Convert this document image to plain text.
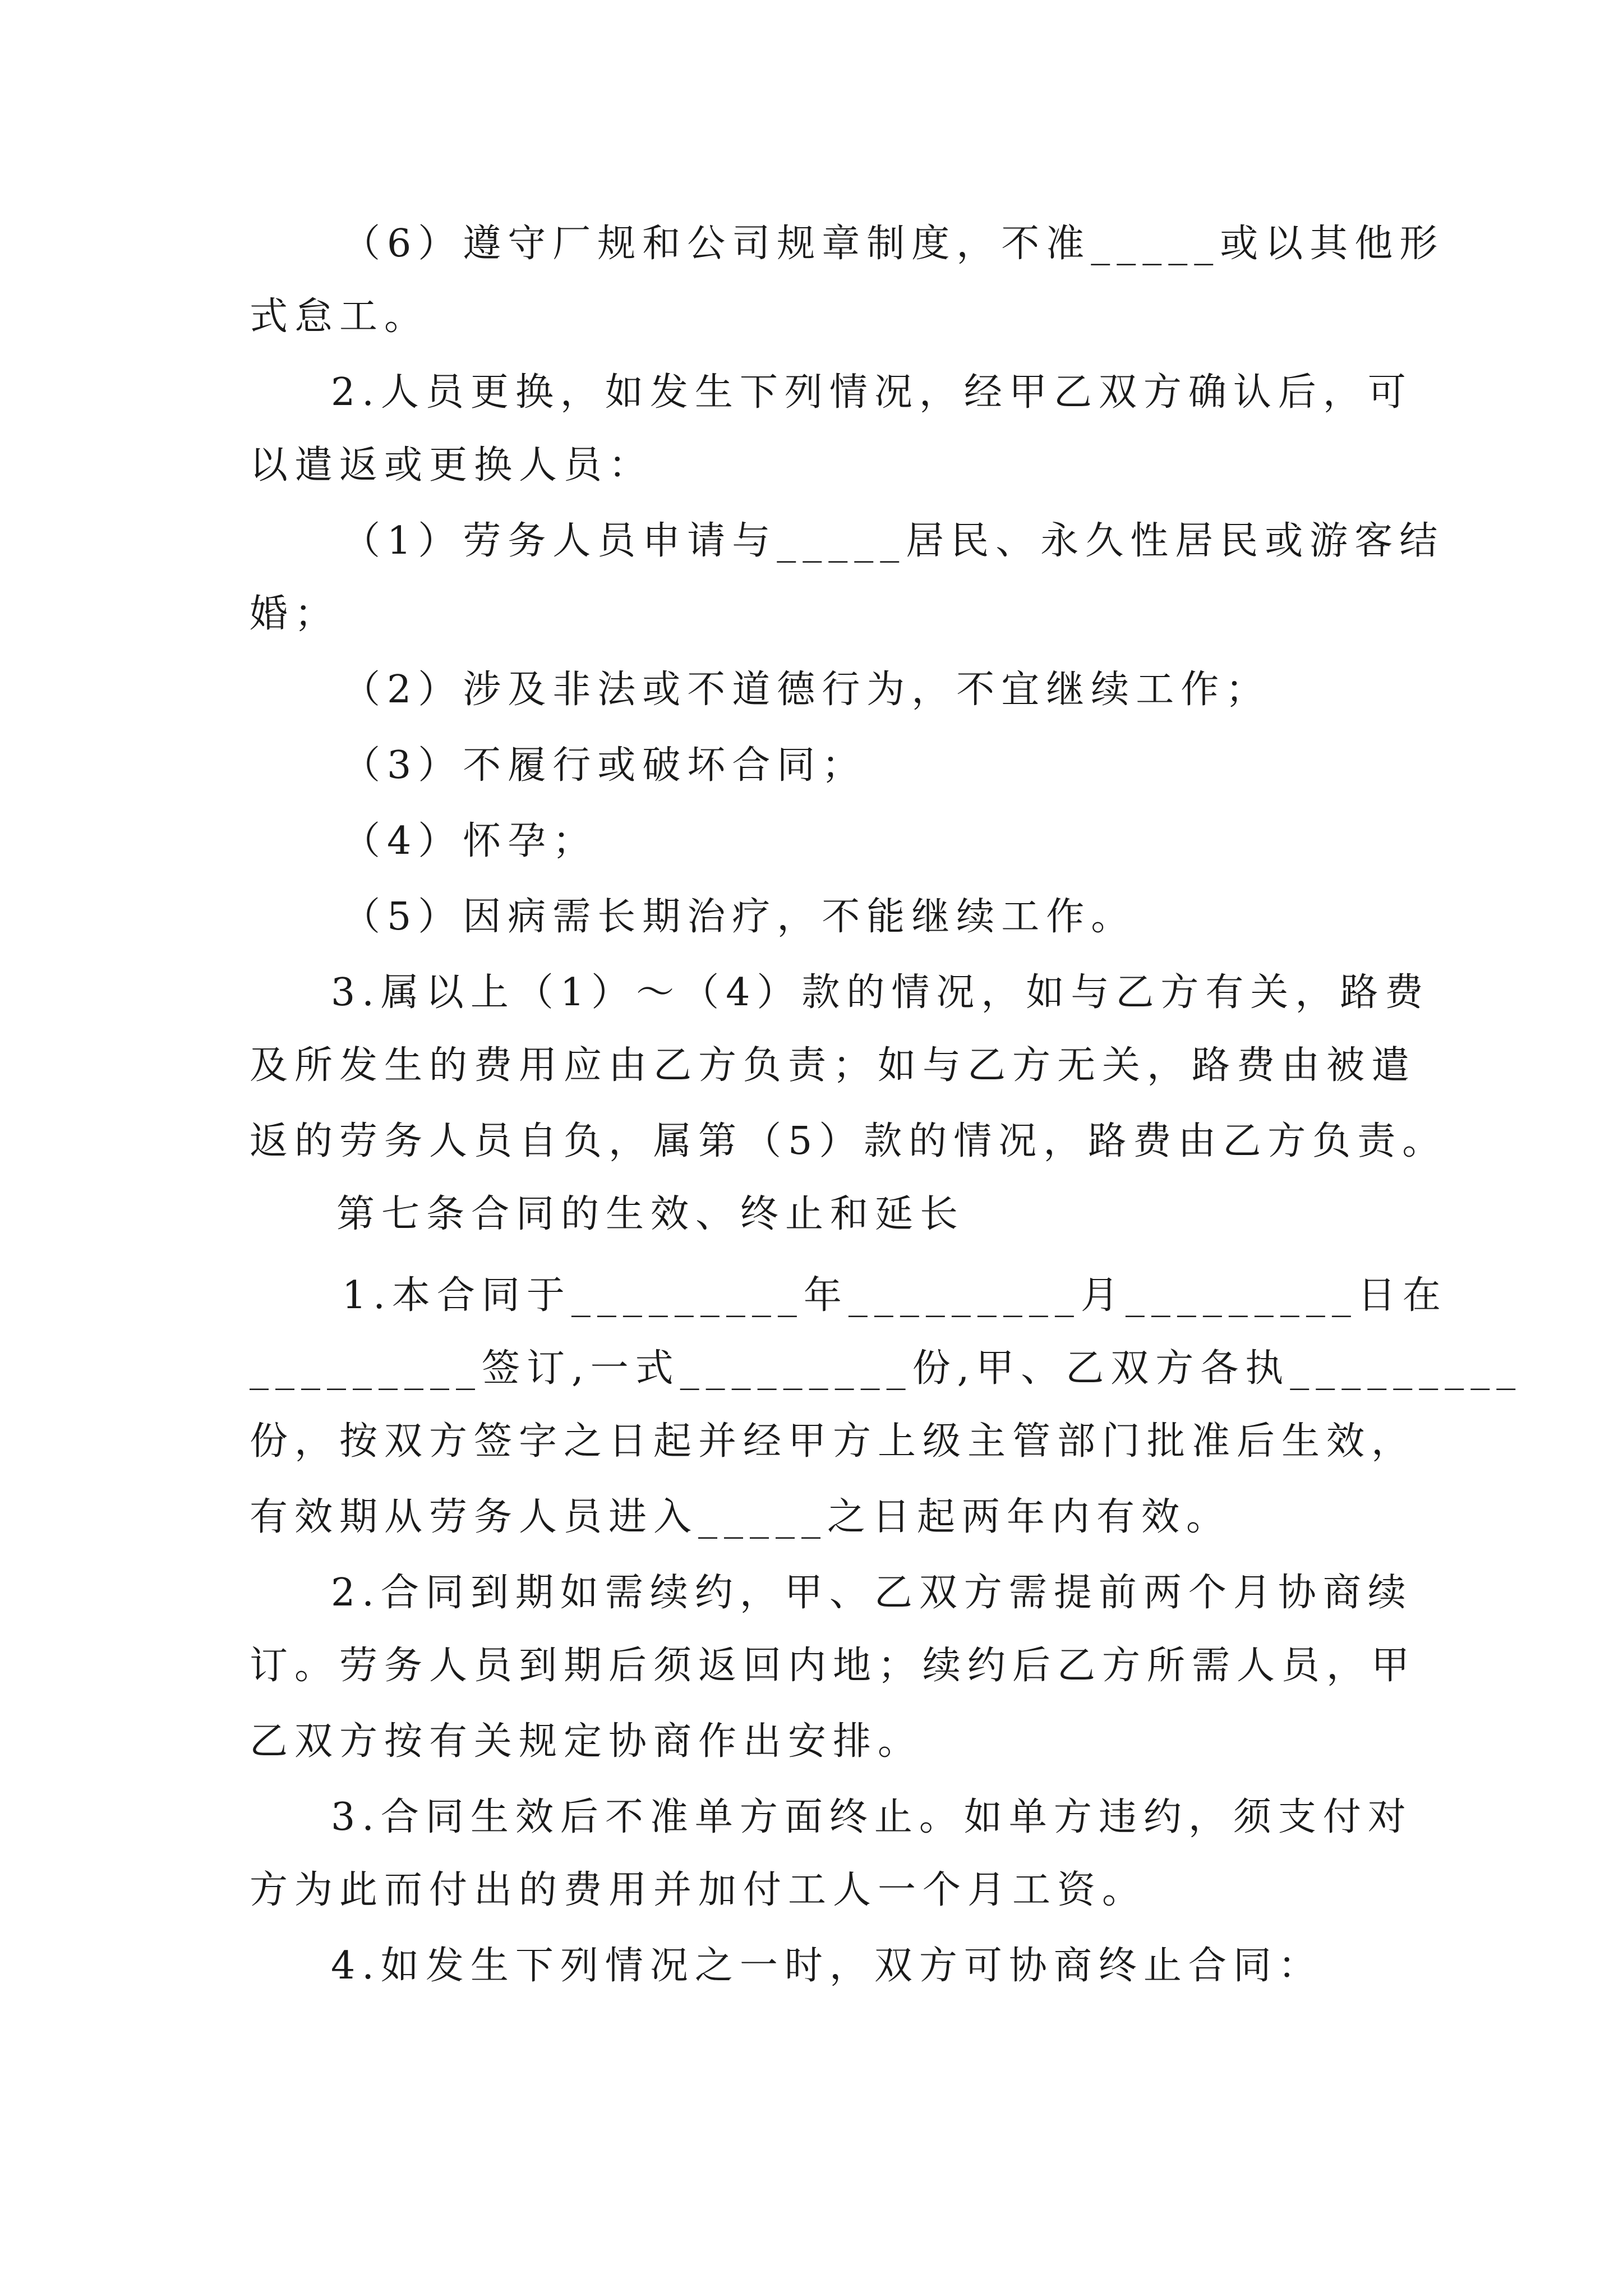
（6）遵守厂规和公司规章制度，不准_____或以其他形
式怠工。
2.人员更换，如发生下列情况，经甲乙双方确认后，可
以遣返或更换人员：
（1）劳务人员申请与_____居民、永久性居民或游客结
婚；
（2）涉及非法或不道德行为，不宜继续工作；
（3）不履行或破坏合同；
（4）怀孕；
（5）因病需长期治疗，不能继续工作。
3.属以上（1）～（4）款的情况，如与乙方有关，路费
及所发生的费用应由乙方负责；如与乙方无关，路费由被遣
返的劳务人员自负，属第（5）款的情况，路费由乙方负责。
第七条合同的生效、终止和延长
1.本合同于_________年_________月_________日在
_________签订,一式_________份,甲、乙双方各执_________
份，按双方签字之日起并经甲方上级主管部门批准后生效，
有效期从劳务人员进入_____之日起两年内有效。
2.合同到期如需续约，甲、乙双方需提前两个月协商续
订。劳务人员到期后须返回内地；续约后乙方所需人员，甲
乙双方按有关规定协商作出安排。
3.合同生效后不准单方面终止。如单方违约，须支付对
方为此而付出的费用并加付工人一个月工资。
4.如发生下列情况之一时，双方可协商终止合同：
